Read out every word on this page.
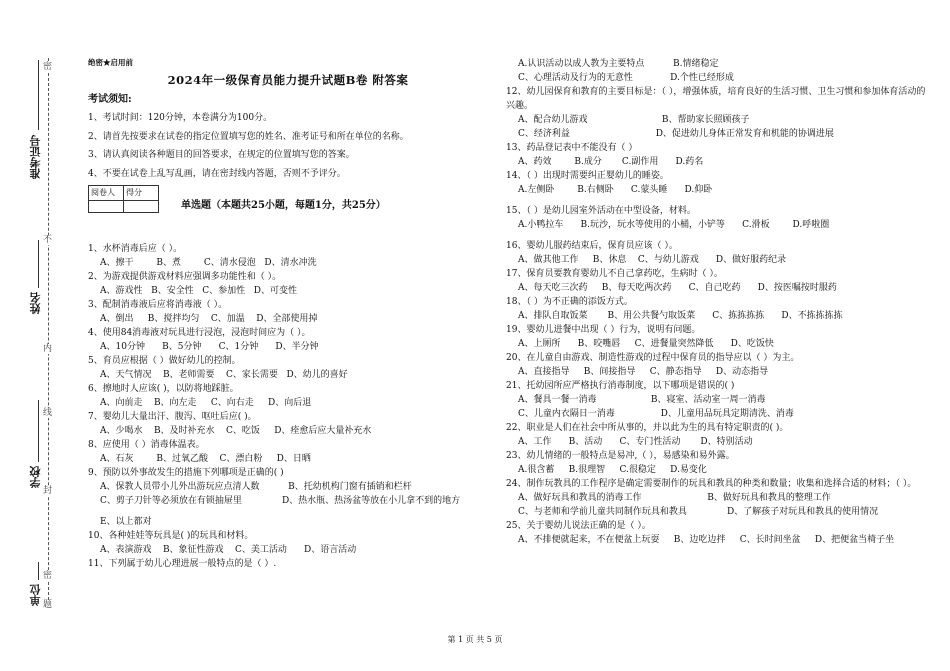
准考证号
姓名
学校
单位
密
不
内
线
封
密
题
绝密★启用前
2024年一级保育员能力提升试题B卷 附答案
考试须知:
1、考试时间：120分钟，本卷满分为100分。
2、请首先按要求在试卷的指定位置填写您的姓名、准考证号和所在单位的名称。
3、请认真阅读各种题目的回答要求，在规定的位置填写您的答案。
4、不要在试卷上乱写乱画，请在密封线内答题，否则不予评分。
阅卷人	得分

单选题（本题共25小题，每题1分，共25分）
1、水杯消毒后应（ ）。
A、擦干        B、煮        C、清水侵泡   D、清水冲洗
2、为游戏提供游戏材料应强调多功能性和（ ）。
A、游戏性   B、安全性   C、参加性   D、可变性
3、配制消毒液后应将消毒液（ ）。
A、倒出     B、搅拌均匀    C、加温    D、全部使用掉
4、使用84消毒液对玩具进行浸泡，浸泡时间应为（ ）。
A、10分钟      B、5分钟      C、1分钟      D、半分钟
5、育员应根据（ ）做好幼儿的控制。
A、天气情况    B、老师需要    C、家长需要   D、幼儿的喜好
6、擦地时人应该( )，以防将地踩脏。
A、向前走    B、向左走     C、向右走     D、向后退
7、婴幼儿大量出汗、腹泻、呕吐后应( )。
A、少喝水    B、及时补充水    C、吃饭     D、痊愈后应大量补充水
8、应使用（ ）消毒体温表。
A、石灰        B、过氧乙酸    C、漂白粉     D、日晒
9、预防以外事故发生的措施下列哪项是正确的( )
A、保教人员带小儿外出游玩应点清人数          B、托幼机构门窗有插销和栏杆
C、剪子刀针等必须放在有锁抽屉里              D、热水瓶、热汤盆等放在小儿拿不到的地方
E、以上都对
10、各种娃娃等玩具是( )的玩具和材料。
A、表演游戏    B、象征性游戏    C、美工活动      D、语言活动
11、下列属于幼儿心理进展一般特点的是（ ）.
A.认识活动以成人教为主要特点          B.情绪稳定
C、心理活动及行为的无意性             D.个性已经形成
12、幼儿园保育和教育的主要目标是：（ ），增强体质，培育良好的生活习惯、卫生习惯和参加体育活动的兴趣。
A、配合幼儿游戏                          B、帮助家长照顾孩子
C、经济利益                              D、促进幼儿身体正常发育和机能的协调进展
13、药品登记表中不能没有（ ）
A、药效        B.成分       C.副作用      D.药名
14、（ ）出现时需要纠正婴幼儿的睡姿。
A.左侧卧        B.右侧卧      C.蒙头睡      D.仰卧
15、（ ）是幼儿园室外活动在中型设备，材料。
A.小鸭拉车      B.玩沙，玩水等使用的小桶，小铲等      C.滑板        D.呼啦圈
16、婴幼儿服药结束后，保育员应该（ ）。
A、做其他工作     B、休息    C、与幼儿游戏      D、做好服药纪录
17、保育员要教育婴幼儿不自己拿药吃，生病时（ ）。
A、每天吃三次药     B、每天吃两次药      C、自己吃药      D、按医嘱按时服药
18、（ ）为不正确的添饭方式。
A、排队自取饭菜       B、用公共餐勺取饭菜      C、拣拣拣拣      D、不拣拣拣拣
19、婴幼儿进餐中出现（ ）行为，说明有问题。
A、上厕所      B、咬嘴唇     C、进餐量突然降低      D、吃饭快
20、在儿童自由游戏、制造性游戏的过程中保育员的指导应以（ ）为主。
A、直接指导     B、间接指导     C、静态指导     D、动态指导
21、托幼园所应严格执行消毒制度，以下哪项是错误的( )
A、餐具一餐一消毒                   B、寝室、活动室一周一消毒
C、儿童内衣隔日一消毒                D、儿童用品玩具定期清洗、消毒
22、职业是人们在社会中所从事的，并以此为生的具有特定职责的( )。
A、工作      B、活动      C、专门性活动       D、特别活动
23、幼儿情绪的一般特点是易冲,（ ），易感染和易外露。
A.很含蓄     B.很理智     C.很稳定     D.易变化
24、制作玩教具的工作程序是确定需要制作的玩具和教具的种类和数量；收集和选择合适的材料；（ ）。
A、做好玩具和教具的消毒工作                       B、做好玩具和教具的整理工作
C、与老师和学前儿童共同制作玩具和教具              D、了解孩子对玩具和教具的使用情况
25、关于婴幼儿说法正确的是（ ）。
A、不排便就起来，不在便盆上玩耍     B、边吃边拌     C、长时间坐盆     D、把便盆当椅子坐
第 1 页 共 5 页
